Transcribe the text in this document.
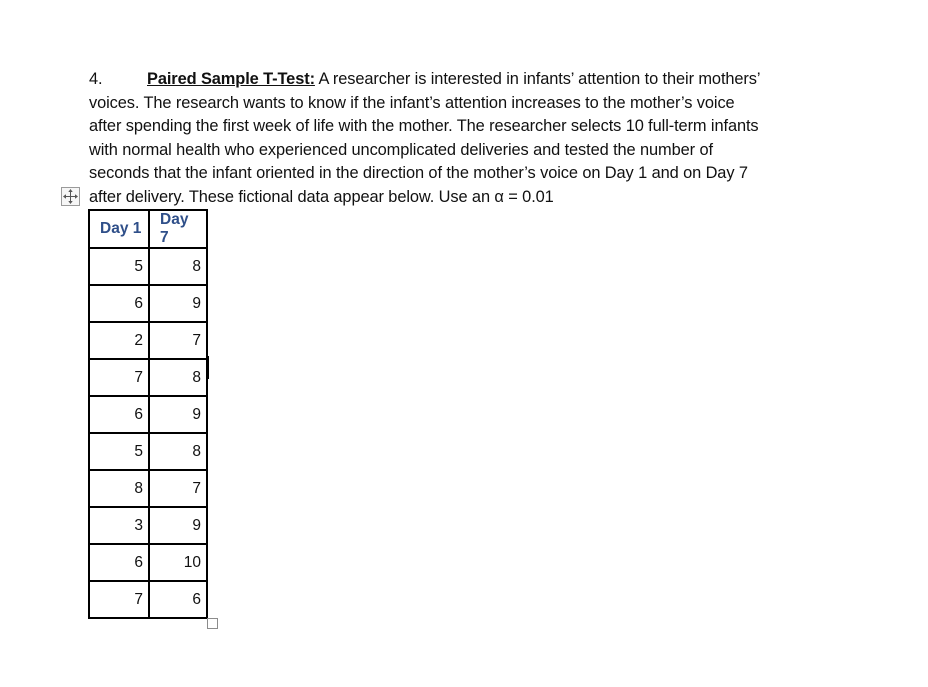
4.	Paired Sample T-Test: A researcher is interested in infants’ attention to their mothers’
voices. The research wants to know if the infant’s attention increases to the mother’s voice
after spending the first week of life with the mother. The researcher selects 10 full-term infants
with normal health who experienced uncomplicated deliveries and tested the number of
seconds that the infant oriented in the direction of the mother’s voice on Day 1 and on Day 7
after delivery. These fictional data appear below. Use an α = 0.01
Day 1	Day 7
5	8
6	9
2	7
7	8
6	9
5	8
8	7
3	9
6	10
7	6
